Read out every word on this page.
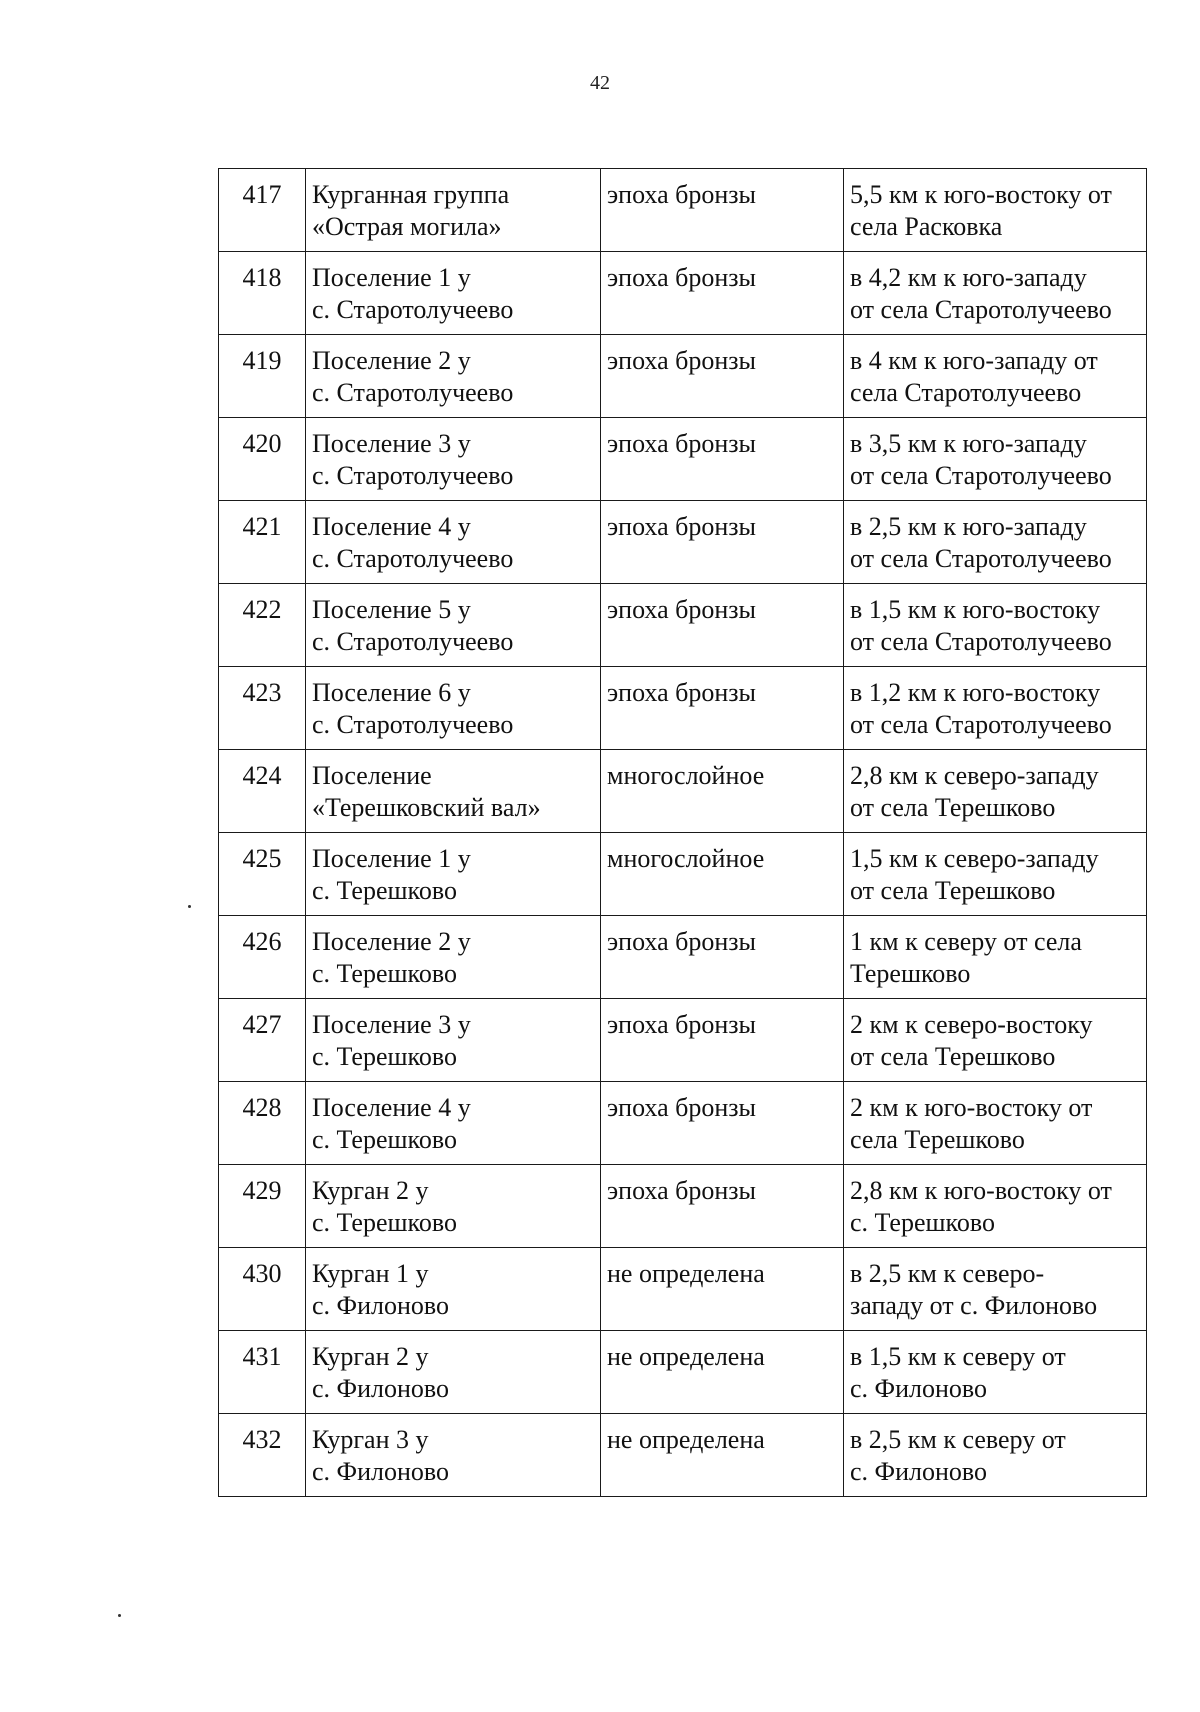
42
417	Курганная группа
«Острая могила»	эпоха бронзы	5,5 км к юго-востоку от
села Расковка

418	Поселение 1 у
с. Старотолучеево	эпоха бронзы	в 4,2 км к юго-западу
от села Старотолучеево

419	Поселение 2 у
с. Старотолучеево	эпоха бронзы	в 4 км к юго-западу от
села Старотолучеево

420	Поселение 3 у
с. Старотолучеево	эпоха бронзы	в 3,5 км к юго-западу
от села Старотолучеево

421	Поселение 4 у
с. Старотолучеево	эпоха бронзы	в 2,5 км к юго-западу
от села Старотолучеево

422	Поселение 5 у
с. Старотолучеево	эпоха бронзы	в 1,5 км к юго-востоку
от села Старотолучеево

423	Поселение 6 у
с. Старотолучеево	эпоха бронзы	в 1,2 км к юго-востоку
от села Старотолучеево

424	Поселение
«Терешковский вал»	многослойное	2,8 км к северо-западу
от села Терешково

425	Поселение 1 у
с. Терешково	многослойное	1,5 км к северо-западу
от села Терешково

426	Поселение 2 у
с. Терешково	эпоха бронзы	1 км к северу от села
Терешково

427	Поселение 3 у
с. Терешково	эпоха бронзы	2 км к северо-востоку
от села Терешково

428	Поселение 4 у
с. Терешково	эпоха бронзы	2 км к юго-востоку от
села Терешково

429	Курган 2 у
с. Терешково	эпоха бронзы	2,8 км к юго-востоку от
с. Терешково

430	Курган 1 у
с. Филоново	не определена	в 2,5 км к северо-
западу от с. Филоново

431	Курган 2 у
с. Филоново	не определена	в 1,5 км к северу от
с. Филоново

432	Курган 3 у
с. Филоново	не определена	в 2,5 км к северу от
с. Филоново
